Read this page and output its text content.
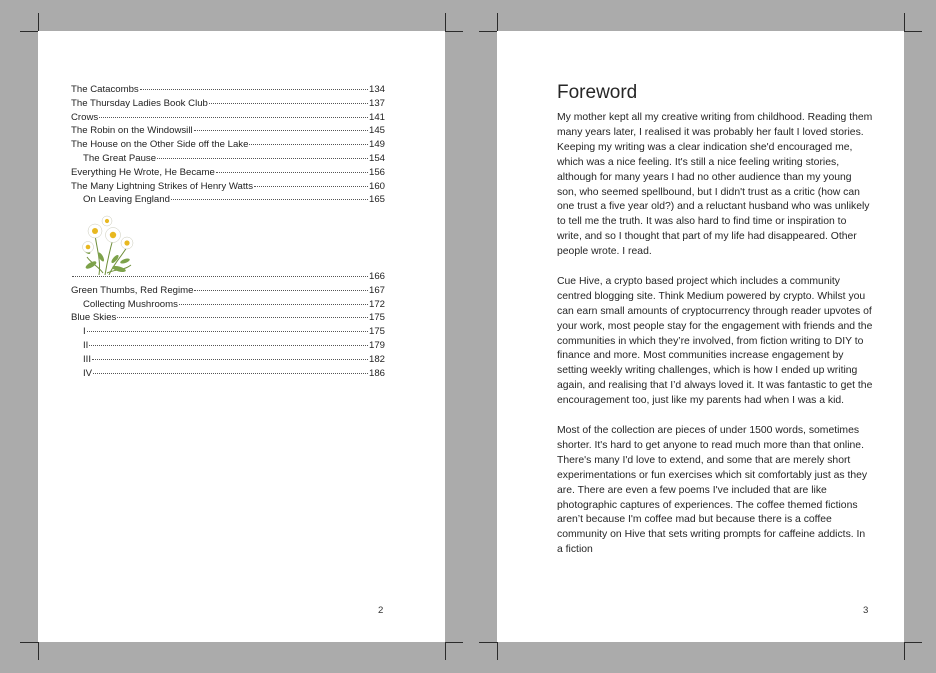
The Catacombs	134
The Thursday Ladies Book Club	137
Crows	141
The Robin on the Windowsill	145
The House on the Other Side off the Lake	149
The Great Pause	154
Everything He Wrote, He Became	156
The Many Lightning Strikes of Henry Watts	160
On Leaving England	165
166
Green Thumbs, Red Regime	167
Collecting Mushrooms	172
Blue Skies	175
I	175
II	179
III	182
IV	186
2
Foreword

My mother kept all my creative writing from childhood. Reading them many years later, I realised it was probably her fault I loved stories. Keeping my writing was a clear indication she'd encouraged me, which was a nice feeling. It's still a nice feeling writing stories, although for many years I had no other audience than my young son, who seemed spellbound, but I didn't trust as a critic (how can one trust a five year old?) and a reluctant husband who was unlikely to tell me the truth. It was also hard to find time or inspiration to write, and so I thought that part of my life had disappeared. Other people wrote. I read.

Cue Hive, a crypto based project which includes a community centred blogging site. Think Medium powered by crypto. Whilst you can earn small amounts of cryptocurrency through reader upvotes of your work, most people stay for the engagement with friends and the communities in which they’re involved, from fiction writing to DIY to finance and more. Most communities increase engagement by setting weekly writing challenges, which is how I ended up writing again, and realising that I’d always loved it. It was fantastic to get the encouragement too, just like my parents had when I was a kid.

Most of the collection are pieces of under 1500 words, sometimes shorter. It's hard to get anyone to read much more than that online. There's many I'd love to extend, and some that are merely short experimentations or fun exercises which sit comfortably just as they are. There are even a few poems I've included that are like photographic captures of experiences. The coffee themed fictions aren’t because I'm coffee mad but because there is a coffee community on Hive that sets writing prompts for caffeine addicts. In a fiction

3
